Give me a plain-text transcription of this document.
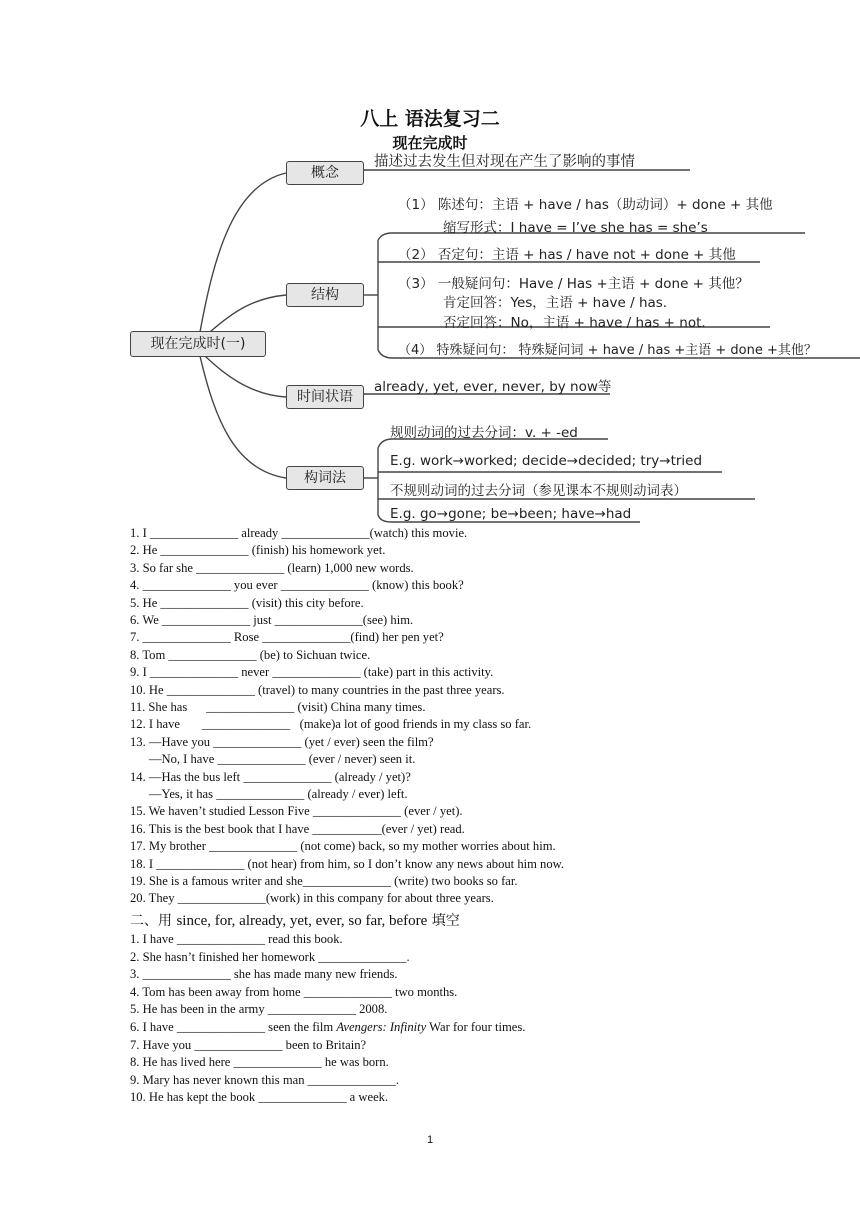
八上 语法复习二
现在完成时
现在完成时(一)
概念
结构
时间状语
构词法
描述过去发生但对现在产生了影响的事情
（1） 陈述句：主语 + have / has（助动词）+ done + 其他
缩写形式：I have = I’ve she has = she’s
（2） 否定句：主语 + has / have not + done + 其他
（3） 一般疑问句：Have / Has +主语 + done + 其他？
肯定回答：Yes，主语 + have / has.
否定回答：No，主语 + have / has + not.
（4） 特殊疑问句： 特殊疑问词 + have / has +主语 + done +其他？
already, yet, ever, never, by now等
规则动词的过去分词：v. + -ed
E.g. work→worked; decide→decided; try→tried
不规则动词的过去分词（参见课本不规则动词表）
E.g. go→gone; be→been; have→had
1. I ______________ already ______________(watch) this movie.
2. He ______________ (finish) his homework yet.
3. So far she ______________ (learn) 1,000 new words.
4. ______________ you ever ______________ (know) this book?
5. He ______________ (visit) this city before.
6. We ______________ just ______________(see) him.
7. ______________ Rose ______________(find) her pen yet?
8. Tom ______________ (be) to Sichuan twice.
9. I ______________ never ______________ (take) part in this activity.
10. He ______________ (travel) to many countries in the past three years.
11. She has      ______________ (visit) China many times.
12. I have       ______________   (make)a lot of good friends in my class so far.
13. —Have you ______________ (yet / ever) seen the film?
—No, I have ______________ (ever / never) seen it.
14. —Has the bus left ______________ (already / yet)?
—Yes, it has ______________ (already / ever) left.
15. We haven’t studied Lesson Five ______________ (ever / yet).
16. This is the best book that I have ___________(ever / yet) read.
17. My brother ______________ (not come) back, so my mother worries about him.
18. I ______________ (not hear) from him, so I don’t know any news about him now.
19. She is a famous writer and she______________ (write) two books so far.
20. They ______________(work) in this company for about three years.
二、用 since, for, already, yet, ever, so far, before 填空
1. I have ______________ read this book.
2. She hasn’t finished her homework ______________.
3. ______________ she has made many new friends.
4. Tom has been away from home ______________ two months.
5. He has been in the army ______________ 2008.
6. I have ______________ seen the film Avengers: Infinity War for four times.
7. Have you ______________ been to Britain?
8. He has lived here ______________ he was born.
9. Mary has never known this man ______________.
10. He has kept the book ______________ a week.
1
